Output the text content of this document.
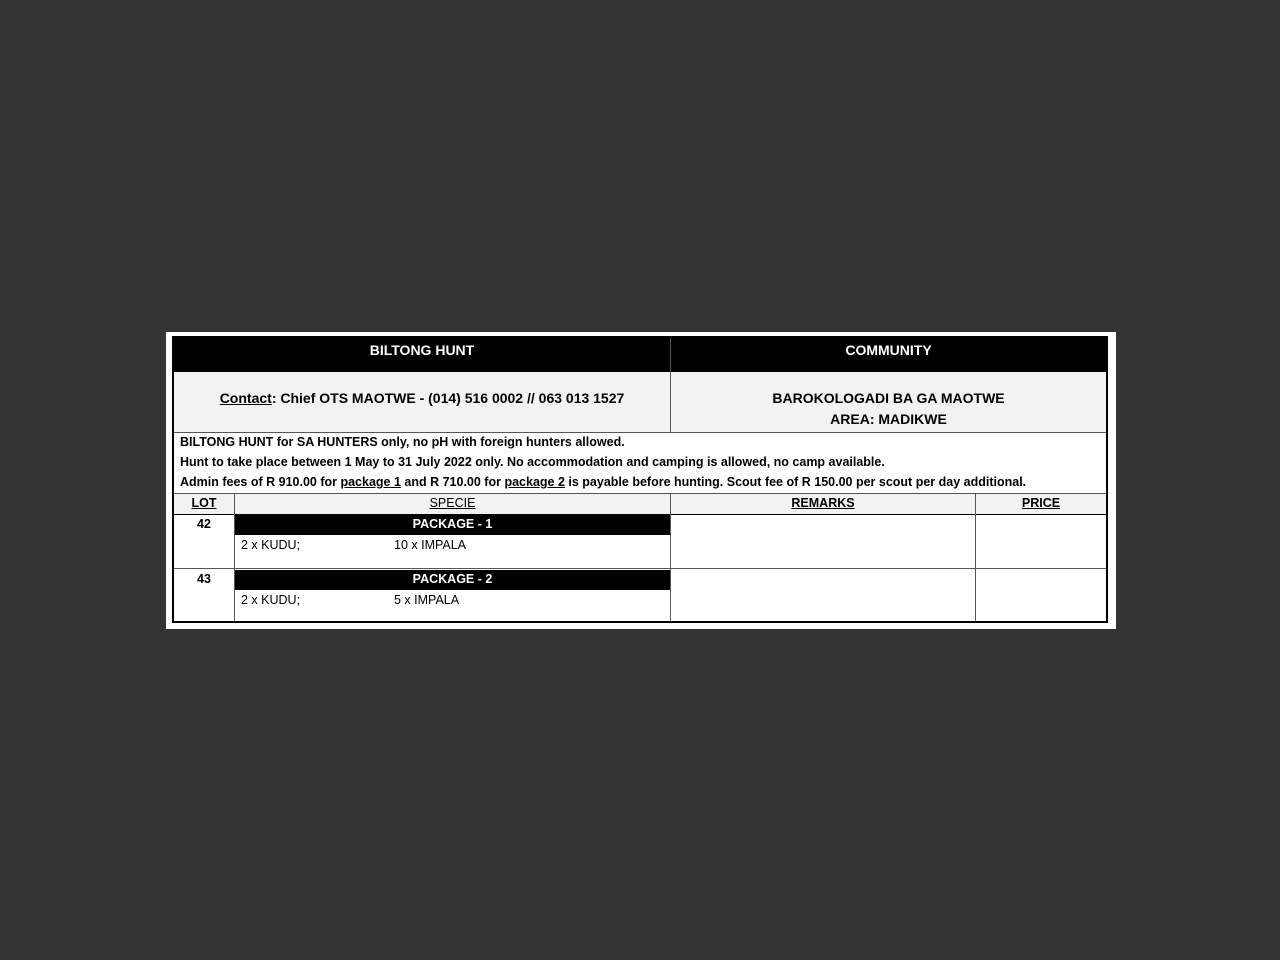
BILTONG HUNT	COMMUNITY
Contact: Chief OTS MAOTWE - (014) 516 0002 // 063 013 1527	BAROKOLOGADI BA GA MAOTWE
AREA: MADIKWE
BILTONG HUNT for SA HUNTERS only, no pH with foreign hunters allowed.
Hunt to take place between 1 May to 31 July 2022 only. No accommodation and camping is allowed, no camp available.
Admin fees of R 910.00 for package 1 and R 710.00 for package 2 is payable before hunting. Scout fee of R 150.00 per scout per day additional.
LOT	SPECIE	REMARKS	PRICE
42	PACKAGE - 1
2 x KUDU;	10 x IMPALA
43	PACKAGE - 2
2 x KUDU;	5 x IMPALA
